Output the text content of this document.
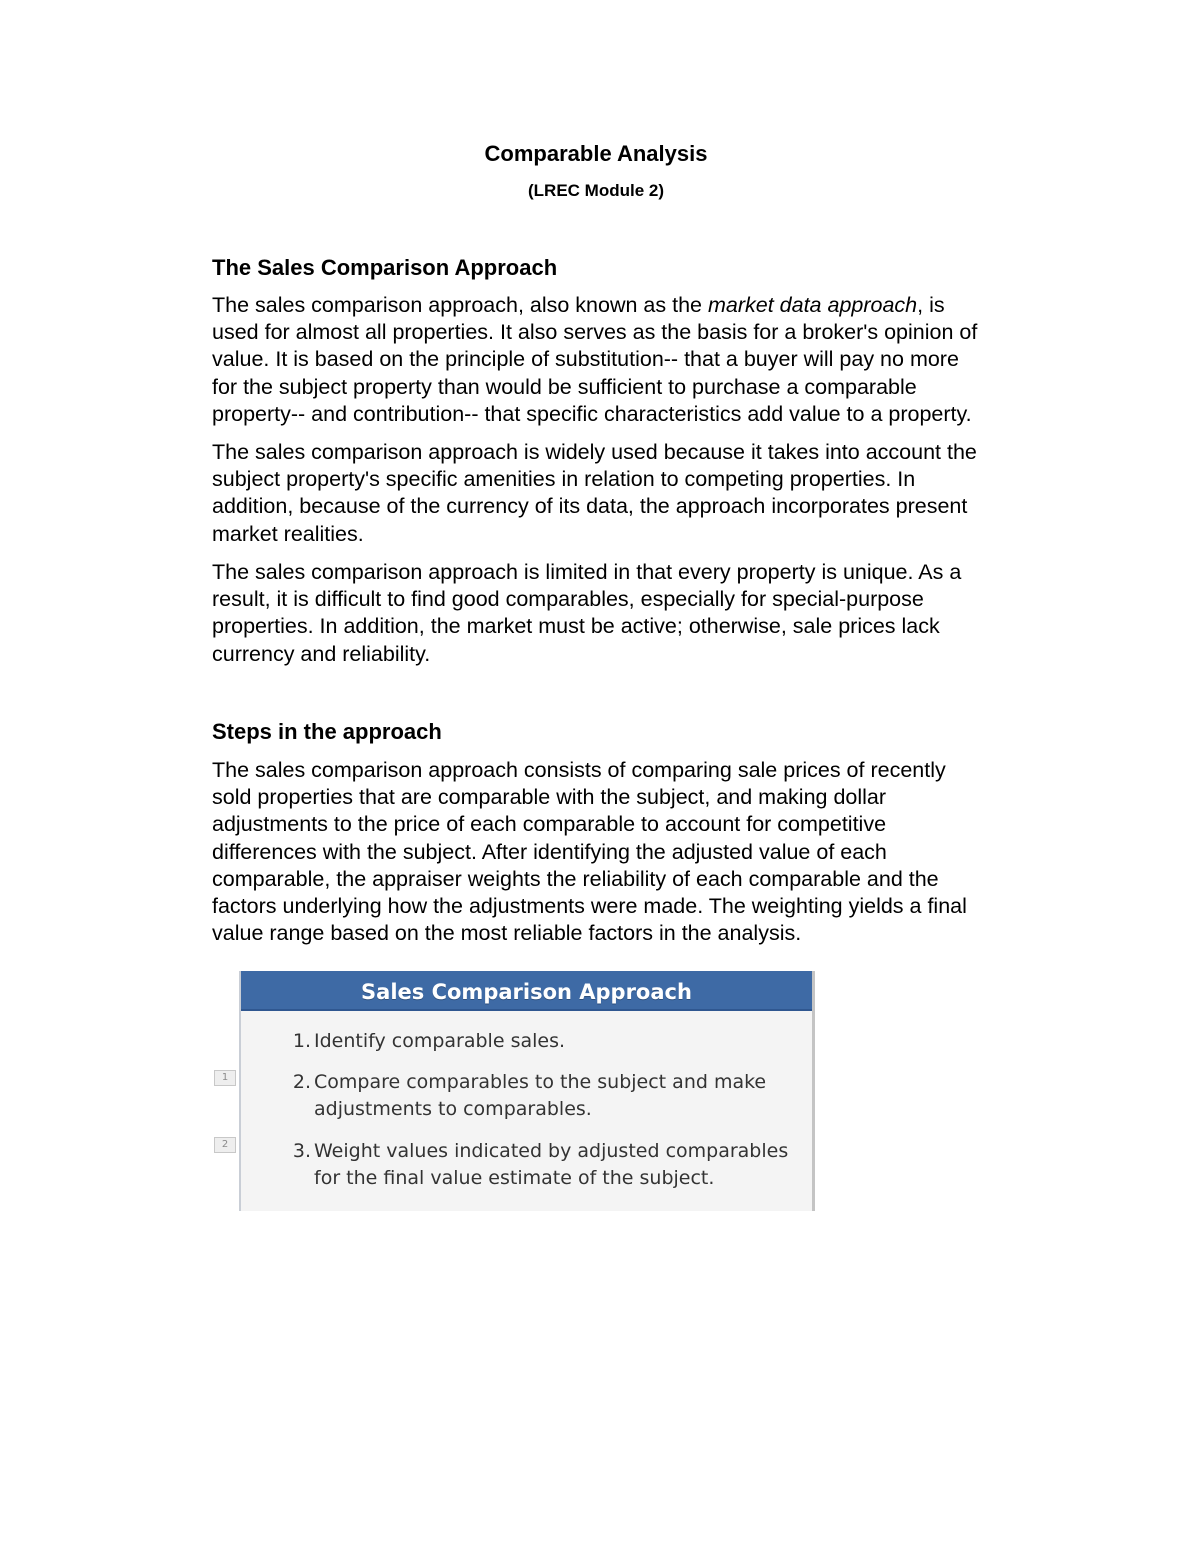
Comparable Analysis
(LREC Module 2)
The Sales Comparison Approach

The sales comparison approach, also known as the market data approach, is
used for almost all properties. It also serves as the basis for a broker's opinion of
value. It is based on the principle of substitution-- that a buyer will pay no more
for the subject property than would be sufficient to purchase a comparable
property-- and contribution-- that specific characteristics add value to a property.

The sales comparison approach is widely used because it takes into account the
subject property's specific amenities in relation to competing properties. In
addition, because of the currency of its data, the approach incorporates present
market realities.

The sales comparison approach is limited in that every property is unique. As a
result, it is difficult to find good comparables, especially for special-purpose
properties. In addition, the market must be active; otherwise, sale prices lack
currency and reliability.

Steps in the approach

The sales comparison approach consists of comparing sale prices of recently
sold properties that are comparable with the subject, and making dollar
adjustments to the price of each comparable to account for competitive
differences with the subject. After identifying the adjusted value of each
comparable, the appraiser weights the reliability of each comparable and the
factors underlying how the adjustments were made. The weighting yields a final
value range based on the most reliable factors in the analysis.

1
2
Sales Comparison Approach
1. Identify comparable sales.
2. Compare comparables to the subject and make
adjustments to comparables.
3. Weight values indicated by adjusted comparables
for the final value estimate of the subject.
